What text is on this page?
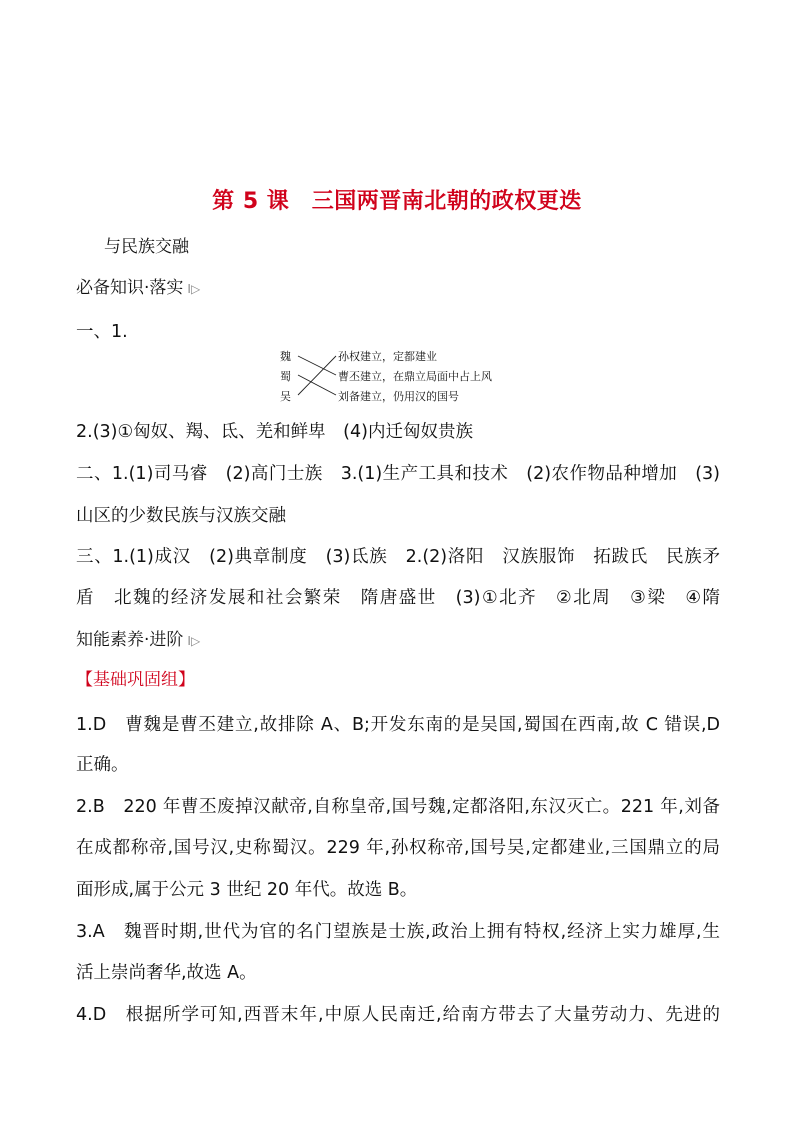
第 5 课　三国两晋南北朝的政权更迭
与民族交融
必备知识·落实 I▷
一、1.
魏
蜀
吴
孙权建立，定都建业
曹丕建立，在鼎立局面中占上风
刘备建立，仍用汉的国号
2.(3)①匈奴、羯、氐、羌和鲜卑　(4)内迁匈奴贵族
二、1.(1)司马睿　(2)高门士族　3.(1)生产工具和技术　(2)农作物品种增加　(3)
山区的少数民族与汉族交融
三、1.(1)成汉　(2)典章制度　(3)氐族　2.(2)洛阳　汉族服饰　拓跋氏　民族矛
盾　北魏的经济发展和社会繁荣　隋唐盛世　(3)①北齐　②北周　③梁　④隋
知能素养·进阶 I▷
【基础巩固组】
1.D　曹魏是曹丕建立,故排除 A、B;开发东南的是吴国,蜀国在西南,故 C 错误,D
正确。
2.B　220 年曹丕废掉汉献帝,自称皇帝,国号魏,定都洛阳,东汉灭亡。221 年,刘备
在成都称帝,国号汉,史称蜀汉。229 年,孙权称帝,国号吴,定都建业,三国鼎立的局
面形成,属于公元 3 世纪 20 年代。故选 B。
3.A　魏晋时期,世代为官的名门望族是士族,政治上拥有特权,经济上实力雄厚,生
活上崇尚奢华,故选 A。
4.D　根据所学可知,西晋末年,中原人民南迁,给南方带去了大量劳动力、先进的
